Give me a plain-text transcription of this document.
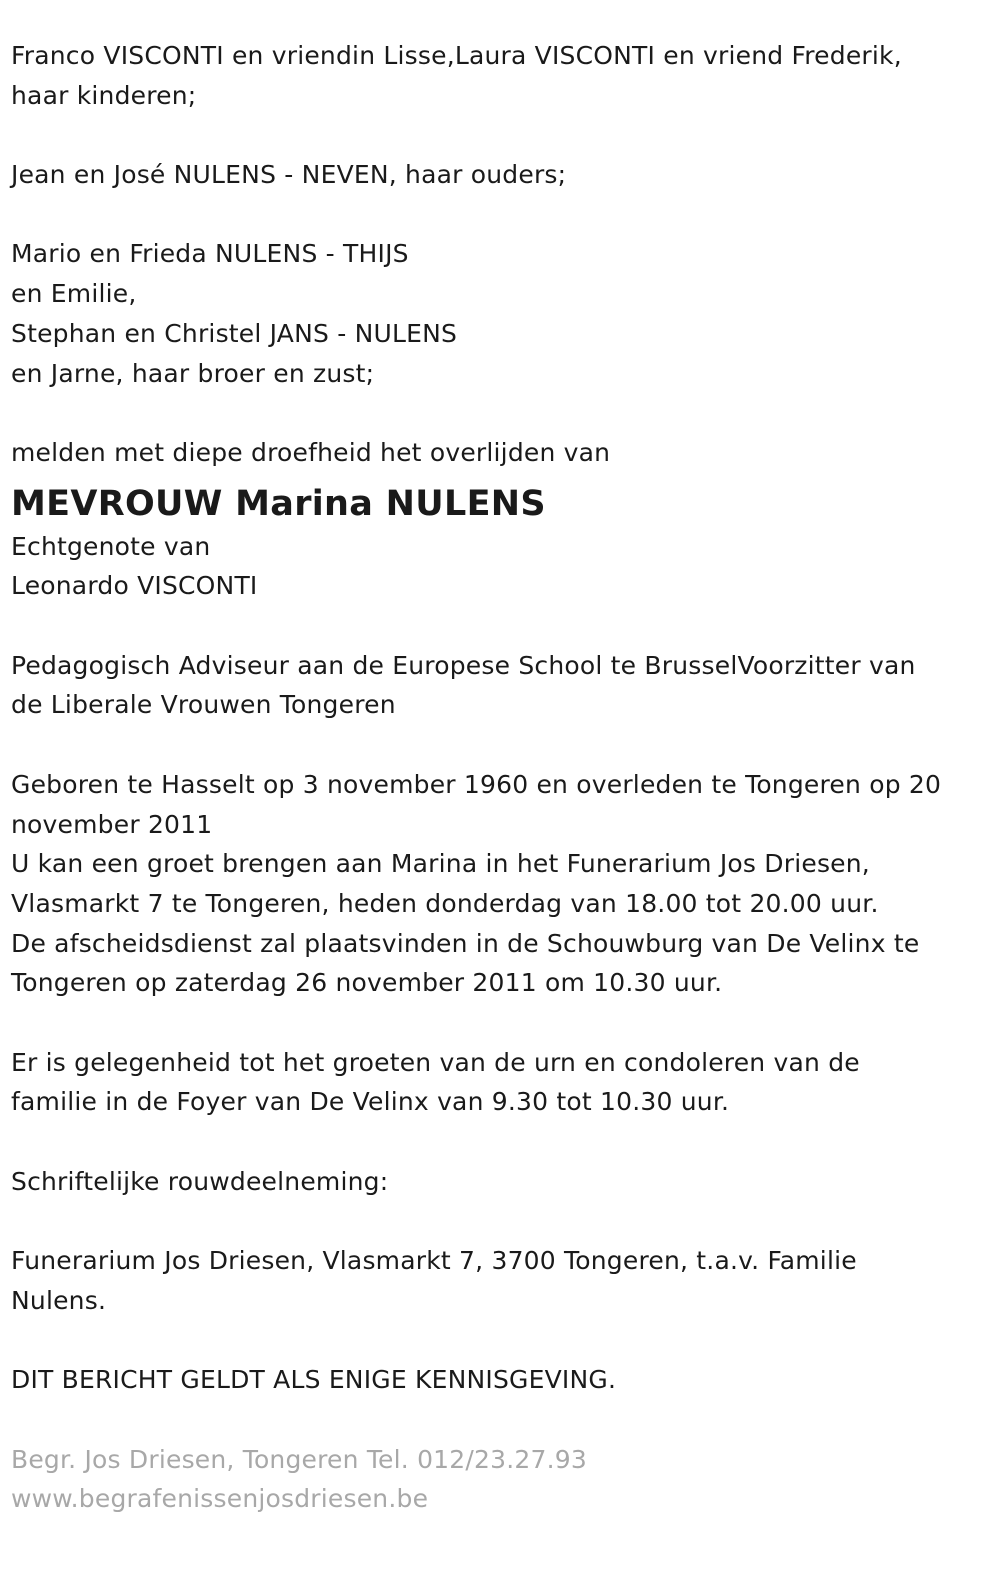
Franco VISCONTI en vriendin Lisse,Laura VISCONTI en vriend Frederik,

haar kinderen;

Jean en José NULENS - NEVEN, haar ouders;

Mario en Frieda NULENS - THIJS

en Emilie,

Stephan en Christel JANS - NULENS

en Jarne, haar broer en zust;

melden met diepe droefheid het overlijden van

MEVROUW Marina NULENS

Echtgenote van

Leonardo VISCONTI

Pedagogisch Adviseur aan de Europese School te BrusselVoorzitter van

de Liberale Vrouwen Tongeren

Geboren te Hasselt op 3 november 1960 en overleden te Tongeren op 20

november 2011

U kan een groet brengen aan Marina in het Funerarium Jos Driesen,

Vlasmarkt 7 te Tongeren, heden donderdag van 18.00 tot 20.00 uur.

De afscheidsdienst zal plaatsvinden in de Schouwburg van De Velinx te

Tongeren op zaterdag 26 november 2011 om 10.30 uur.

Er is gelegenheid tot het groeten van de urn en condoleren van de

familie in de Foyer van De Velinx van 9.30 tot 10.30 uur.

Schriftelijke rouwdeelneming:

Funerarium Jos Driesen, Vlasmarkt 7, 3700 Tongeren, t.a.v. Familie

Nulens.

DIT BERICHT GELDT ALS ENIGE KENNISGEVING.

Begr. Jos Driesen, Tongeren Tel. 012/23.27.93

www.begrafenissenjosdriesen.be
